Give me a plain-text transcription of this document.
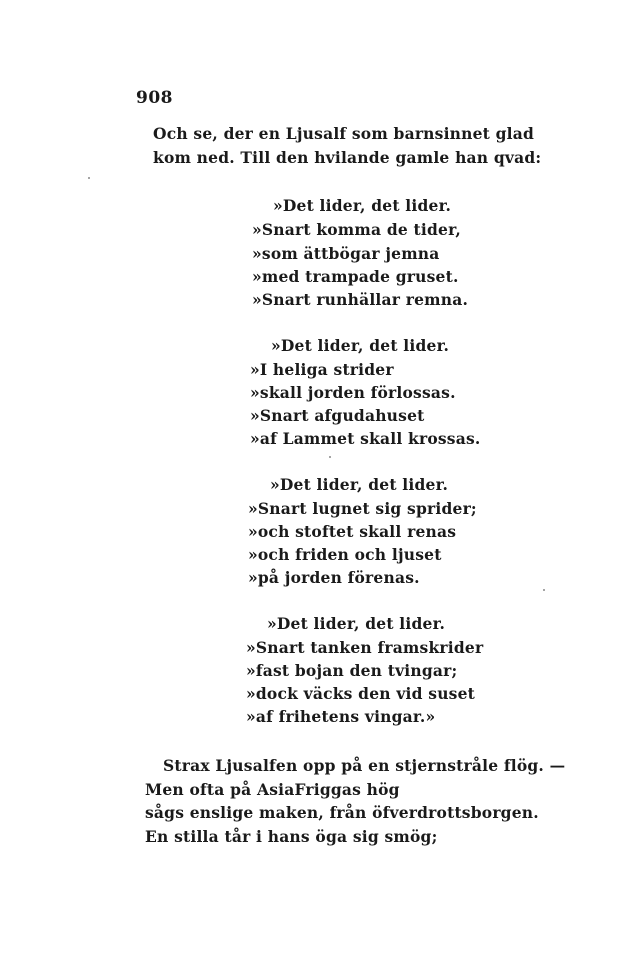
908
Och se, der en Ljusalf som barnsinnet glad
kom ned. Till den hvilande gamle han qvad:
»Det lider, det lider.
»Snart komma de tider,
»som ättbögar jemna
»med trampade gruset.
»Snart runhällar remna.
»Det lider, det lider.
»I heliga strider
»skall jorden förlossas.
»Snart afgudahuset
»af Lammet skall krossas.
»Det lider, det lider.
»Snart lugnet sig sprider;
»och stoftet skall renas
»och friden och ljuset
»på jorden förenas.
»Det lider, det lider.
»Snart tanken framskrider
»fast bojan den tvingar;
»dock väcks den vid suset
»af frihetens vingar.»
Strax Ljusalfen opp på en stjernstråle flög. —
Men ofta på AsiaFriggas hög
sågs enslige maken, från öfverdrottsborgen.
En stilla tår i hans öga sig smög;
